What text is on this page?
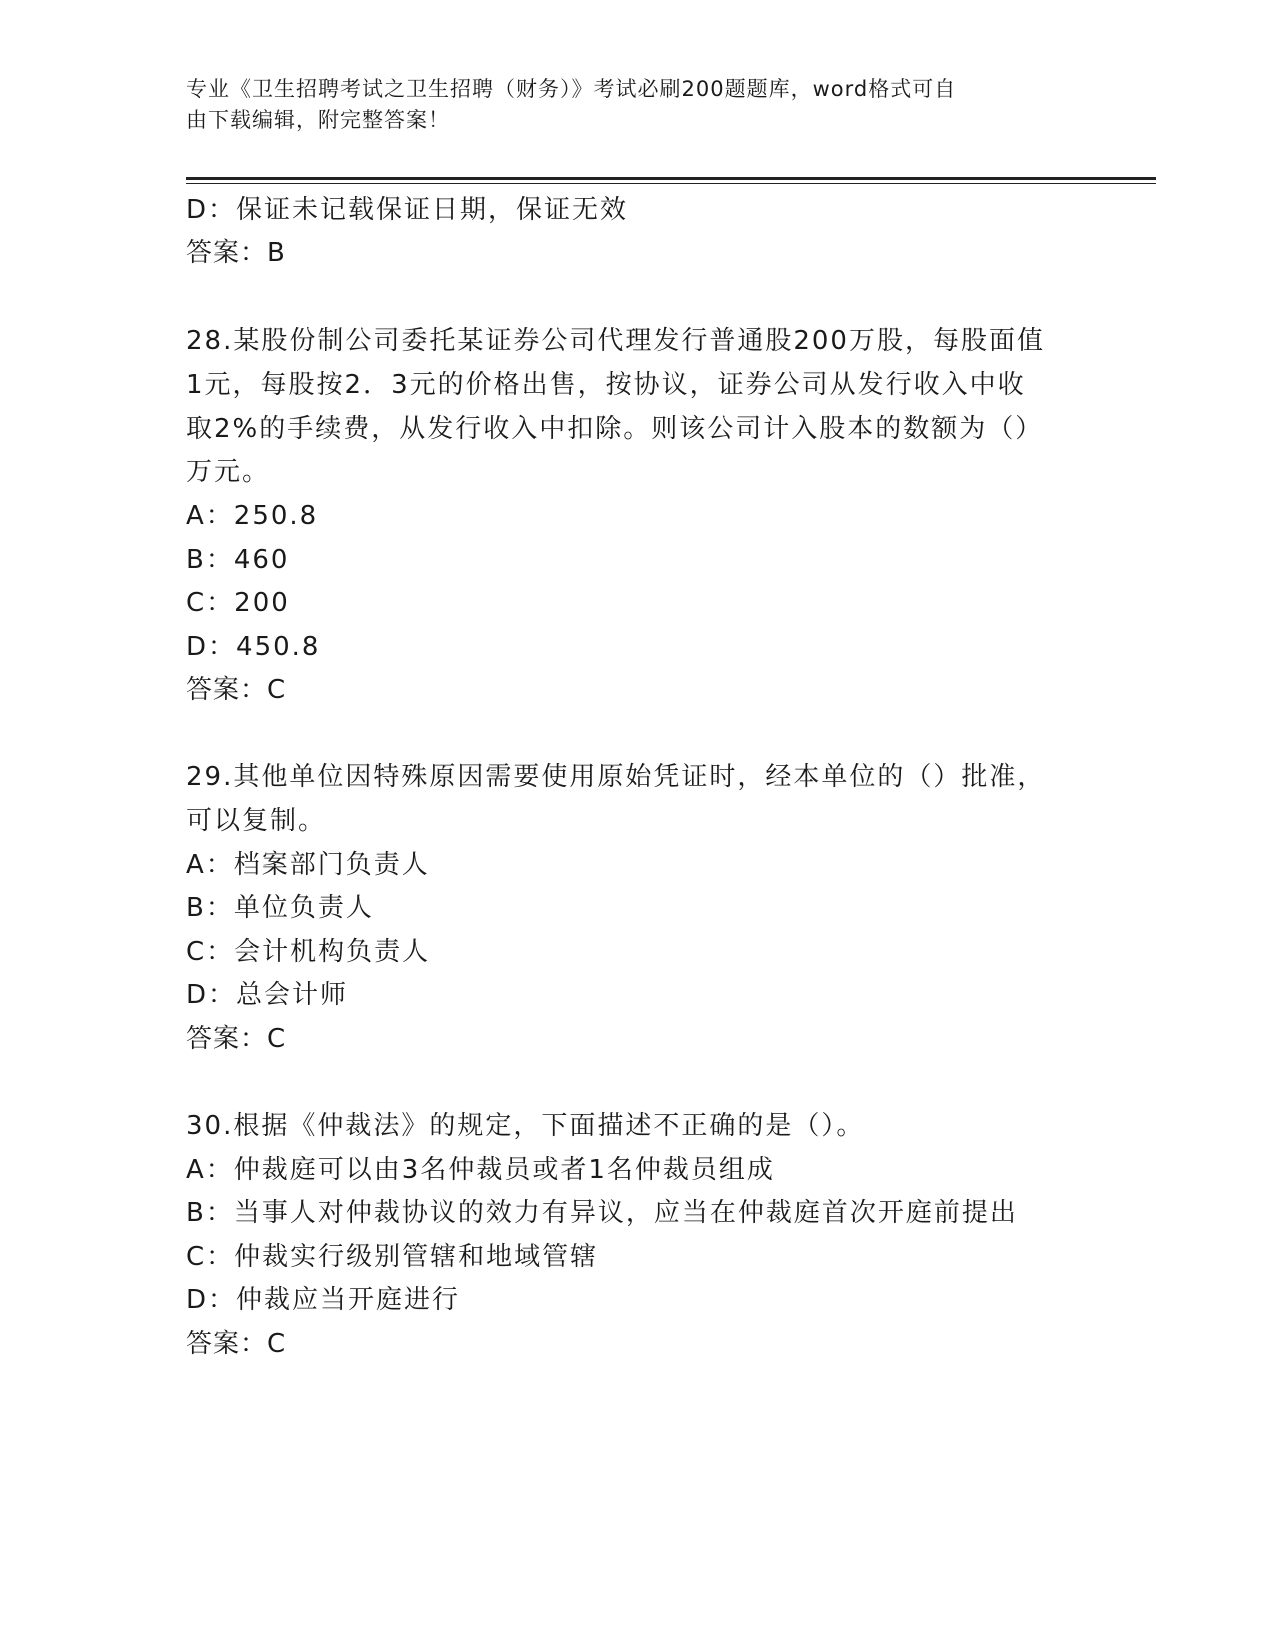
专业《卫生招聘考试之卫生招聘（财务）》考试必刷200题题库，word格式可自
由下载编辑，附完整答案！
D：保证未记载保证日期，保证无效
答案：B
28.某股份制公司委托某证券公司代理发行普通股200万股，每股面值
1元，每股按2．3元的价格出售，按协议，证券公司从发行收入中收
取2%的手续费，从发行收入中扣除。则该公司计入股本的数额为（）
万元。
A：250.8
B：460
C：200
D：450.8
答案：C
29.其他单位因特殊原因需要使用原始凭证时，经本单位的（）批准，
可以复制。
A：档案部门负责人
B：单位负责人
C：会计机构负责人
D：总会计师
答案：C
30.根据《仲裁法》的规定，下面描述不正确的是（）。
A：仲裁庭可以由3名仲裁员或者1名仲裁员组成
B：当事人对仲裁协议的效力有异议，应当在仲裁庭首次开庭前提出
C：仲裁实行级别管辖和地域管辖
D：仲裁应当开庭进行
答案：C
